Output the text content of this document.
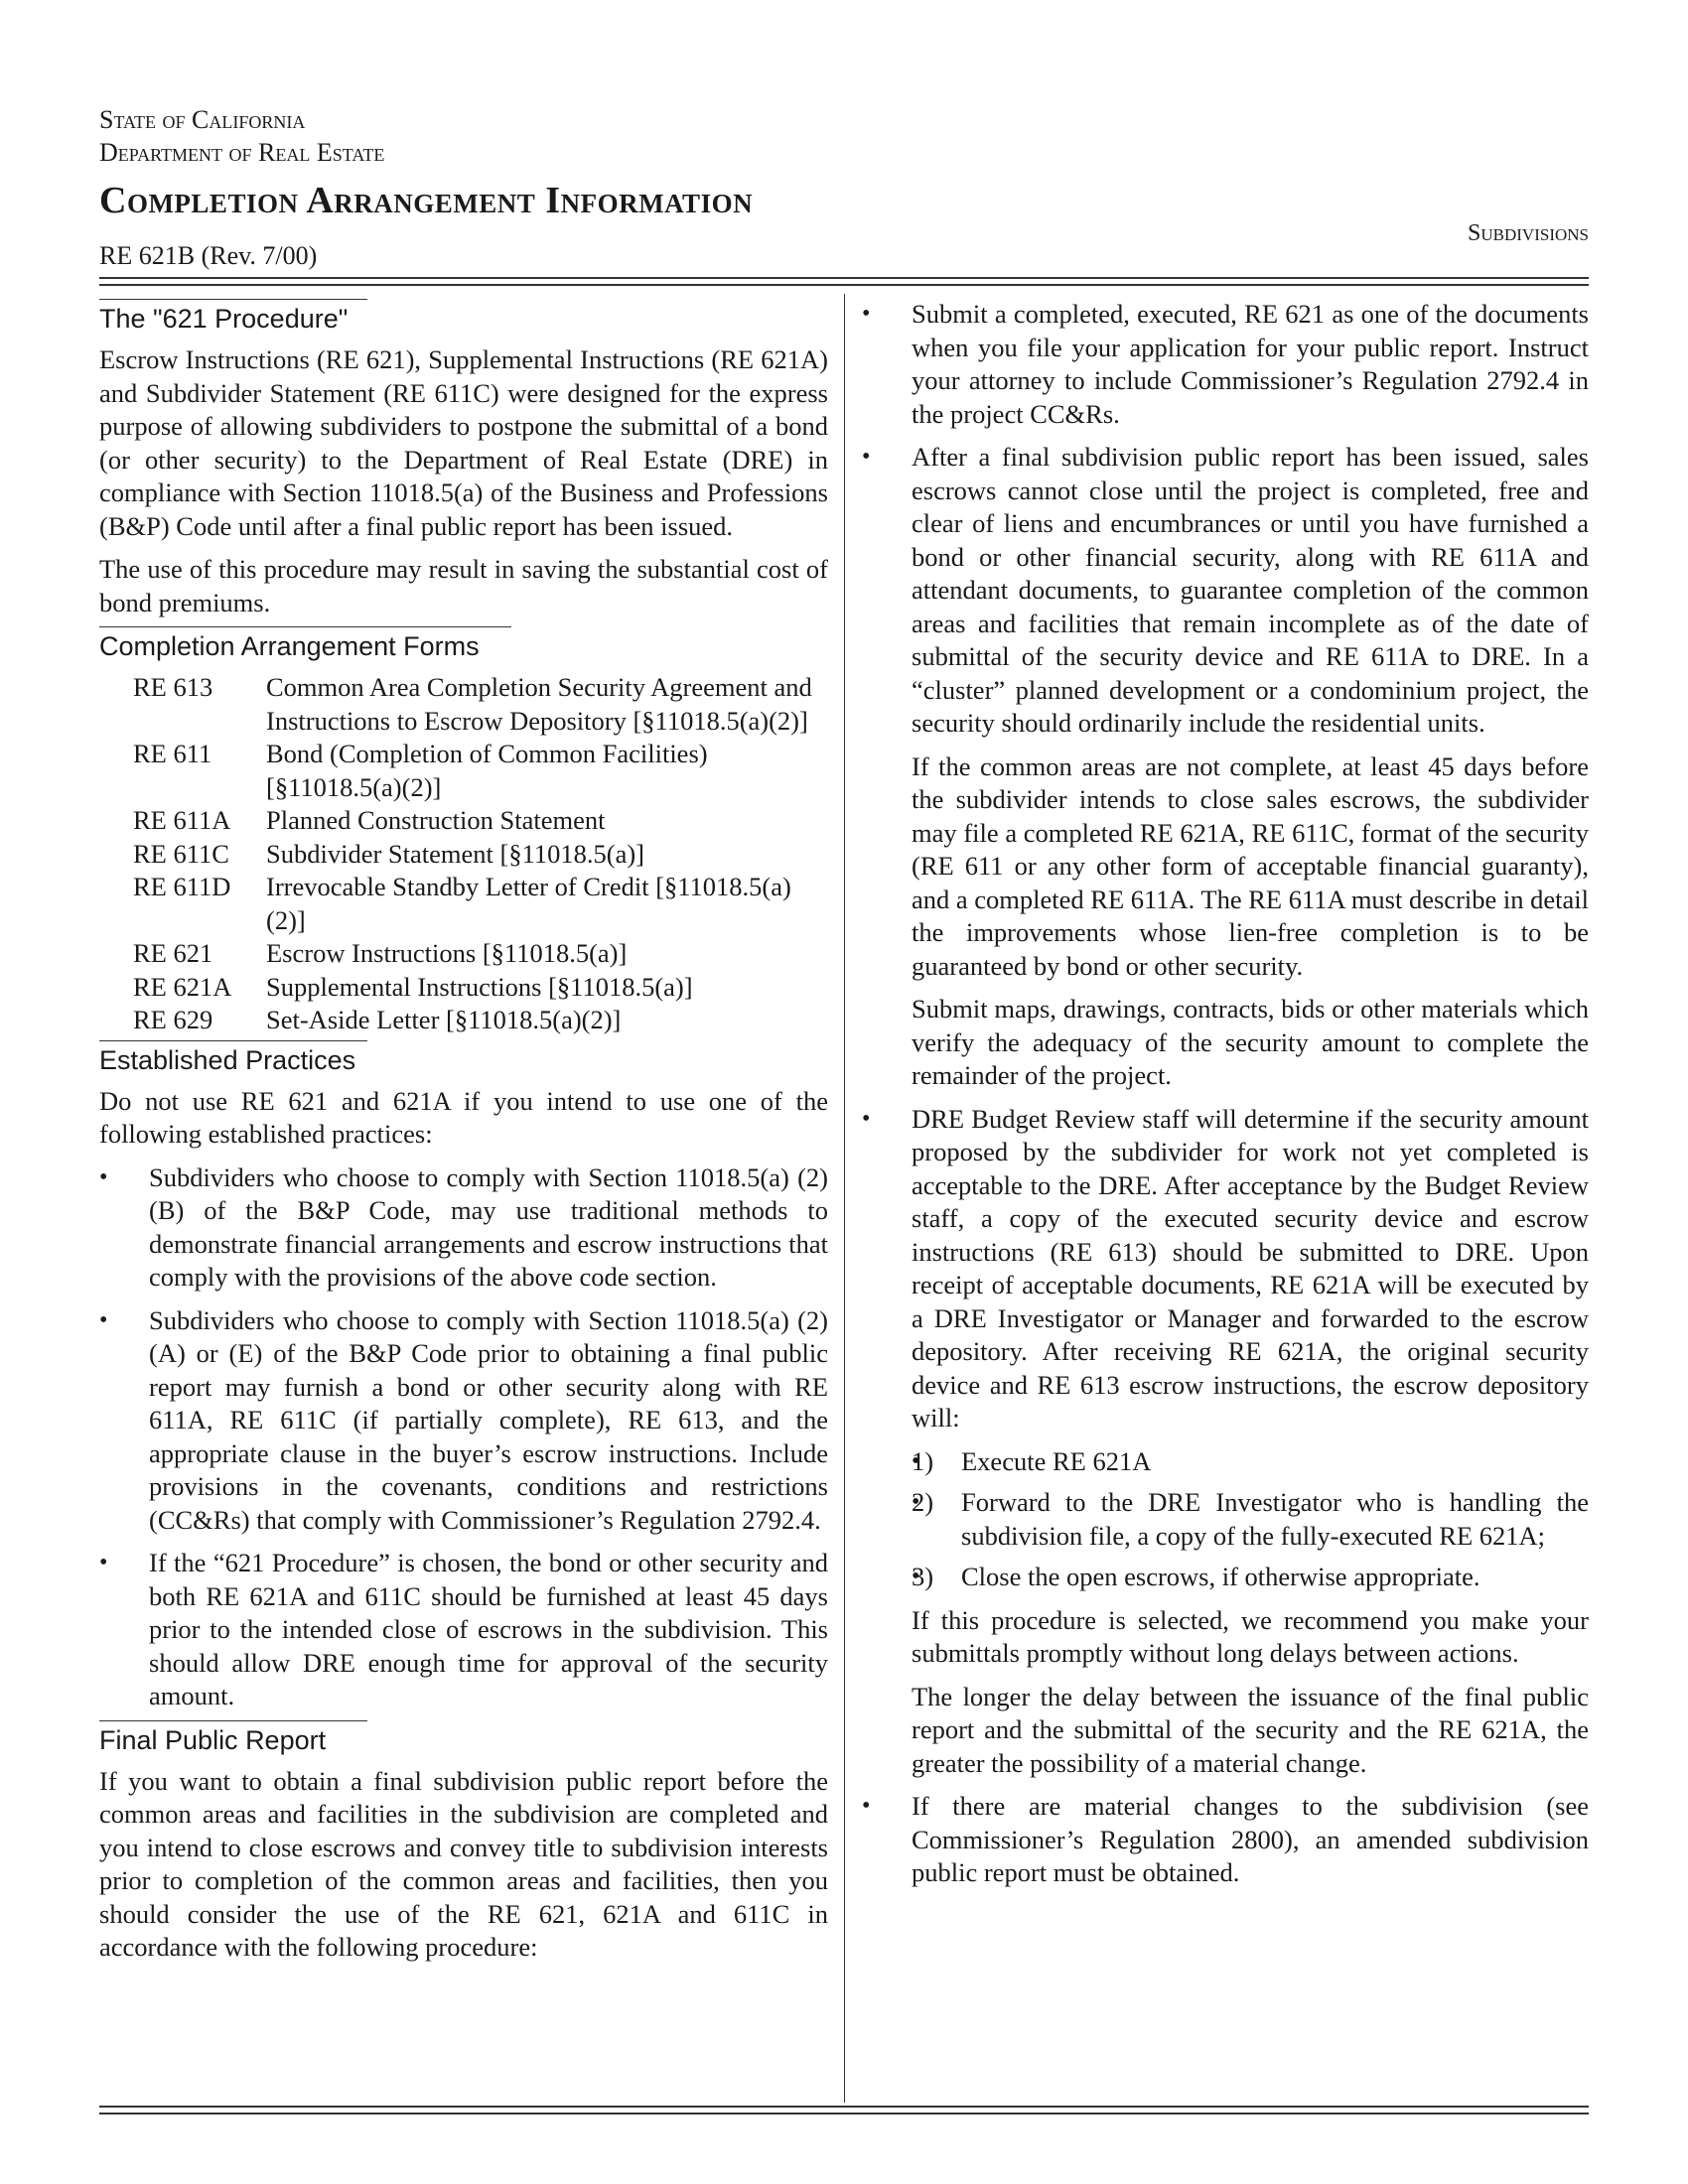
State of California
Department of Real Estate
Completion Arrangement Information
RE 621B (Rev. 7/00)
Subdivisions
The "621 Procedure"

Escrow Instructions (RE 621), Supplemental Instructions (RE 621A) and Subdivider Statement (RE 611C) were designed for the express purpose of allowing subdividers to postpone the submittal of a bond (or other security) to the Department of Real Estate (DRE) in compliance with Section 11018.5(a) of the Business and Professions (B&P) Code until after a final public report has been issued.

The use of this procedure may result in saving the substantial cost of bond premiums.

Completion Arrangement Forms
RE 613	Common Area Completion Security Agreement and Instructions to Escrow Depository [§11018.5(a)(2)]
RE 611	Bond (Completion of Common Facilities) [§11018.5(a)(2)]
RE 611A	Planned Construction Statement
RE 611C	Subdivider Statement [§11018.5(a)]
RE 611D	Irrevocable Standby Letter of Credit [§11018.5(a)(2)]
RE 621	Escrow Instructions [§11018.5(a)]
RE 621A	Supplemental Instructions [§11018.5(a)]
RE 629	Set-Aside Letter [§11018.5(a)(2)]
Established Practices

Do not use RE 621 and 621A if you intend to use one of the following established practices:

• Subdividers who choose to comply with Section 11018.5(a) (2)(B) of the B&P Code, may use traditional methods to demonstrate financial arrangements and escrow instructions that comply with the provisions of the above code section.
• Subdividers who choose to comply with Section 11018.5(a) (2)(A) or (E) of the B&P Code prior to obtaining a final public report may furnish a bond or other security along with RE 611A, RE 611C (if partially complete), RE 613, and the appropriate clause in the buyer’s escrow instructions. Include provisions in the covenants, conditions and restrictions (CC&Rs) that comply with Commissioner’s Regulation 2792.4.
• If the “621 Procedure” is chosen, the bond or other security and both RE 621A and 611C should be furnished at least 45 days prior to the intended close of escrows in the subdivision. This should allow DRE enough time for approval of the security amount.
Final Public Report

If you want to obtain a final subdivision public report before the common areas and facilities in the subdivision are completed and you intend to close escrows and convey title to subdivision interests prior to completion of the common areas and facilities, then you should consider the use of the RE 621, 621A and 611C in accordance with the following procedure:

• Submit a completed, executed, RE 621 as one of the documents when you file your application for your public report. Instruct your attorney to include Commissioner’s Regulation 2792.4 in the project CC&Rs.

• After a final subdivision public report has been issued, sales escrows cannot close until the project is completed, free and clear of liens and encumbrances or until you have furnished a bond or other financial security, along with RE 611A and attendant documents, to guarantee completion of the common areas and facilities that remain incomplete as of the date of submittal of the security device and RE 611A to DRE. In a “cluster” planned development or a condominium project, the security should ordinarily include the residential units.

If the common areas are not complete, at least 45 days before the subdivider intends to close sales escrows, the subdivider may file a completed RE 621A, RE 611C, format of the security (RE 611 or any other form of acceptable financial guaranty), and a completed RE 611A. The RE 611A must describe in detail the improvements whose lien-free completion is to be guaranteed by bond or other security.

Submit maps, drawings, contracts, bids or other materials which verify the adequacy of the security amount to complete the remainder of the project.

• DRE Budget Review staff will determine if the security amount proposed by the subdivider for work not yet completed is acceptable to the DRE. After acceptance by the Budget Review staff, a copy of the executed security device and escrow instructions (RE 613) should be submitted to DRE. Upon receipt of acceptable documents, RE 621A will be executed by a DRE Investigator or Manager and forwarded to the escrow depository. After receiving RE 621A, the original security device and RE 613 escrow instructions, the escrow depository will:

• 1) Execute RE 621A
• 2) Forward to the DRE Investigator who is handling the subdivision file, a copy of the fully-executed RE 621A;
• 3) Close the open escrows, if otherwise appropriate.

If this procedure is selected, we recommend you make your submittals promptly without long delays between actions.

The longer the delay between the issuance of the final public report and the submittal of the security and the RE 621A, the greater the possibility of a material change.

• If there are material changes to the subdivision (see Commissioner’s Regulation 2800), an amended subdivision public report must be obtained.
